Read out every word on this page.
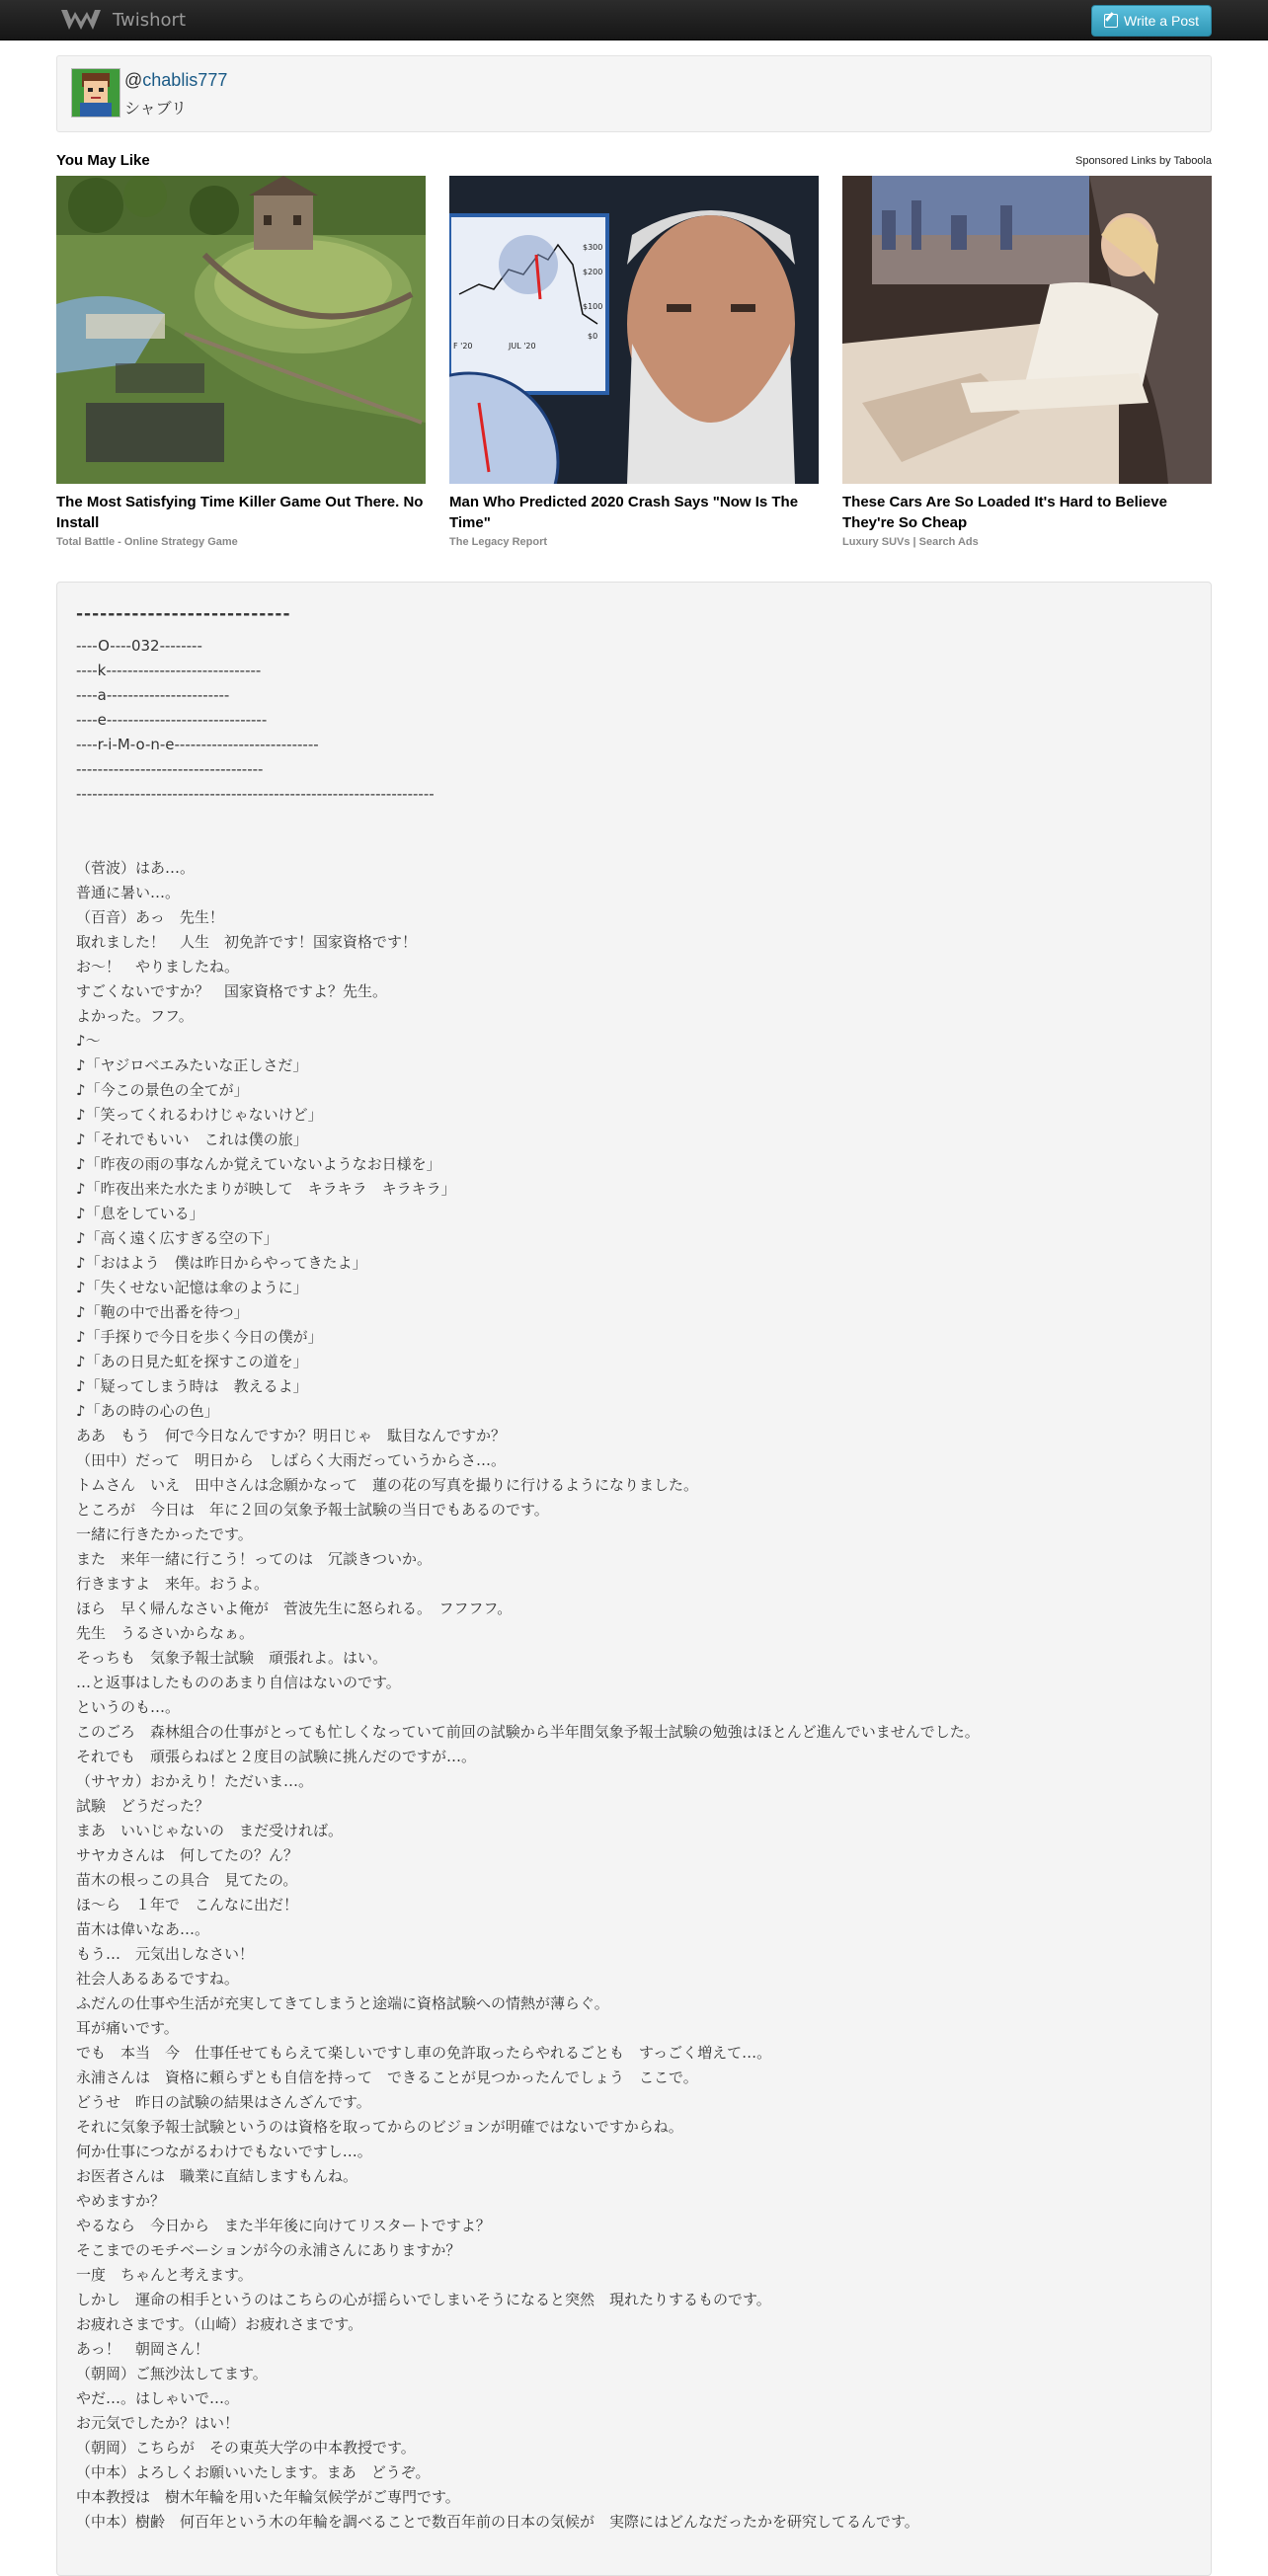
Twishort	Write a Post
@chablis777
シャブリ
You May Like	Sponsored Links by Taboola
The Most Satisfying Time Killer Game Out There. No Install
Total Battle - Online Strategy Game
$300
$200
$100
$0
F '20	JUL '20
Man Who Predicted 2020 Crash Says "Now Is The Time"
The Legacy Report
These Cars Are So Loaded It's Hard to Believe They're So Cheap
Luxury SUVs | Search Ads
---------------------------
----O----032--------
----k-----------------------------
----a-----------------------
----e------------------------------
----r-i-M-o-n-e---------------------------
-----------------------------------
-------------------------------------------------------------------
（菅波）はあ…。
普通に暑い…。
（百音）あっ　先生！
取れました！　人生　初免許です！国家資格です！
お～！　やりましたね。
すごくないですか？　国家資格ですよ？先生。
よかった。フフ。
♪～
♪「ヤジロベエみたいな正しさだ」
♪「今この景色の全てが」
♪「笑ってくれるわけじゃないけど」
♪「それでもいい　これは僕の旅」
♪「昨夜の雨の事なんか覚えていないようなお日様を」
♪「昨夜出来た水たまりが映して　キラキラ　キラキラ」
♪「息をしている」
♪「高く遠く広すぎる空の下」
♪「おはよう　僕は昨日からやってきたよ」
♪「失くせない記憶は傘のように」
♪「鞄の中で出番を待つ」
♪「手探りで今日を歩く今日の僕が」
♪「あの日見た虹を探すこの道を」
♪「疑ってしまう時は　教えるよ」
♪「あの時の心の色」
ああ　もう　何で今日なんですか？明日じゃ　駄目なんですか？
（田中）だって　明日から　しばらく大雨だっていうからさ…。
トムさん　いえ　田中さんは念願かなって　蓮の花の写真を撮りに行けるようになりました。
ところが　今日は　年に２回の気象予報士試験の当日でもあるのです。
一緒に行きたかったです。
また　来年一緒に行こう！ってのは　冗談きついか。
行きますよ　来年。おうよ。
ほら　早く帰んなさいよ俺が　菅波先生に怒られる。　フフフフ。
先生　うるさいからなぁ。
そっちも　気象予報士試験　頑張れよ。はい。
…と返事はしたもののあまり自信はないのです。
というのも…。
このごろ　森林組合の仕事がとっても忙しくなっていて前回の試験から半年間気象予報士試験の勉強はほとんど進んでいませんでした。
それでも　頑張らねばと２度目の試験に挑んだのですが…。
（サヤカ）おかえり！ただいま…。
試験　どうだった？
まあ　いいじゃないの　まだ受ければ。
サヤカさんは　何してたの？ん？
苗木の根っこの具合　見てたの。
ほ～ら　１年で　こんなに出だ！
苗木は偉いなあ…。
もう…　元気出しなさい！
社会人あるあるですね。
ふだんの仕事や生活が充実してきてしまうと途端に資格試験への情熱が薄らぐ。
耳が痛いです。
でも　本当　今　仕事任せてもらえて楽しいですし車の免許取ったらやれるごとも　すっごく増えて…。
永浦さんは　資格に頼らずとも自信を持って　できることが見つかったんでしょう　ここで。
どうせ　昨日の試験の結果はさんざんです。
それに気象予報士試験というのは資格を取ってからのビジョンが明確ではないですからね。
何か仕事につながるわけでもないですし…。
お医者さんは　職業に直結しますもんね。
やめますか？
やるなら　今日から　また半年後に向けてリスタートですよ？
そこまでのモチベーションが今の永浦さんにありますか？
一度　ちゃんと考えます。
しかし　運命の相手というのはこちらの心が揺らいでしまいそうになると突然　現れたりするものです。
お疲れさまです。（山崎）お疲れさまです。
あっ！　朝岡さん！
（朝岡）ご無沙汰してます。
やだ…。はしゃいで…。
お元気でしたか？はい！
（朝岡）こちらが　その東英大学の中本教授です。
（中本）よろしくお願いいたします。まあ　どうぞ。
中本教授は　樹木年輪を用いた年輪気候学がご専門です。
（中本）樹齢　何百年という木の年輪を調べることで数百年前の日本の気候が　実際にはどんなだったかを研究してるんです。
